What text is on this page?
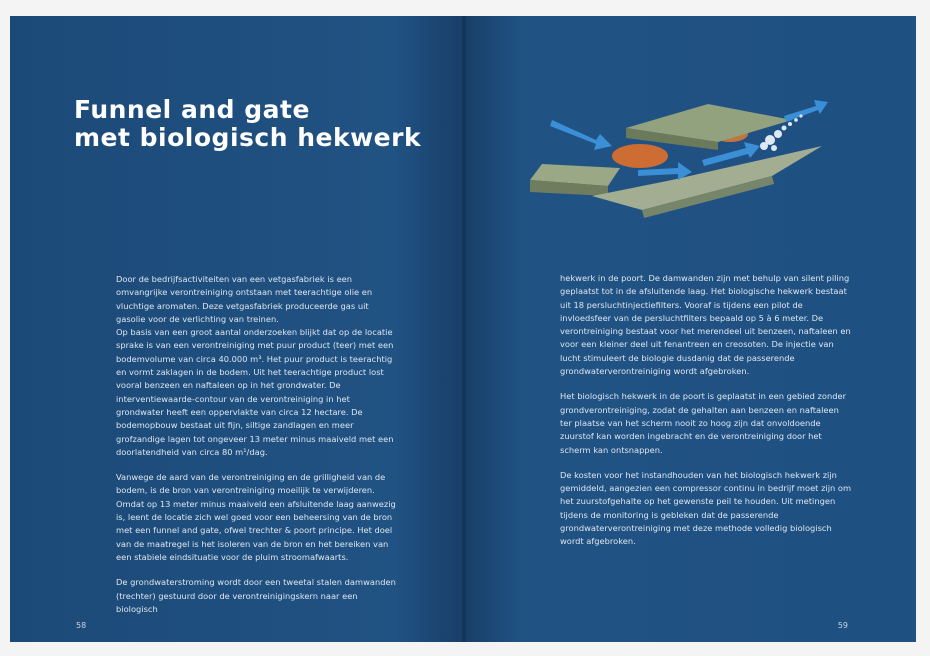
Funnel and gate
met biologisch hekwerk

Door de bedrijfsactiviteiten van een vetgasfabriek is een omvangrijke verontreiniging ontstaan met teerachtige olie en vluchtige aromaten. Deze vetgasfabriek produceerde gas uit gasolie voor de verlichting van treinen.

Op basis van een groot aantal onderzoeken blijkt dat op de locatie sprake is van een verontreiniging met puur product (teer) met een bodemvolume van circa 40.000 m³. Het puur product is teerachtig en vormt zaklagen in de bodem. Uit het teerachtige product lost vooral benzeen en naftaleen op in het grondwater. De interventiewaarde-contour van de verontreiniging in het grondwater heeft een oppervlakte van circa 12 hectare. De bodemopbouw bestaat uit fijn, siltige zandlagen en meer grofzandige lagen tot ongeveer 13 meter minus maaiveld met een doorlatendheid van circa 80 m¹/dag.

Vanwege de aard van de verontreiniging en de grilligheid van de bodem, is de bron van verontreiniging moeilijk te verwijderen. Omdat op 13 meter minus maaiveld een afsluitende laag aanwezig is, leent de locatie zich wel goed voor een beheersing van de bron met een funnel and gate, ofwel trechter & poort principe. Het doel van de maatregel is het isoleren van de bron en het bereiken van een stabiele eindsituatie voor de pluim stroomafwaarts.

De grondwaterstroming wordt door een tweetal stalen damwanden (trechter) gestuurd door de verontreinigingskern naar een biologisch

58

hekwerk in de poort. De damwanden zijn met behulp van silent piling geplaatst tot in de afsluitende laag. Het biologische hekwerk bestaat uit 18 persluchtinjectiefilters. Vooraf is tijdens een pilot de invloedsfeer van de persluchtfilters bepaald op 5 à 6 meter. De verontreiniging bestaat voor het merendeel uit benzeen, naftaleen en voor een kleiner deel uit fenantreen en creosoten. De injectie van lucht stimuleert de biologie dusdanig dat de passerende grondwaterverontreiniging wordt afgebroken.

Het biologisch hekwerk in de poort is geplaatst in een gebied zonder grondverontreiniging, zodat de gehalten aan benzeen en naftaleen ter plaatse van het scherm nooit zo hoog zijn dat onvoldoende zuurstof kan worden ingebracht en de verontreiniging door het scherm kan ontsnappen.

De kosten voor het instandhouden van het biologisch hekwerk zijn gemiddeld, aangezien een compressor continu in bedrijf moet zijn om het zuurstofgehalte op het gewenste peil te houden. Uit metingen tijdens de monitoring is gebleken dat de passerende grondwaterverontreiniging met deze methode volledig biologisch wordt afgebroken.

59
